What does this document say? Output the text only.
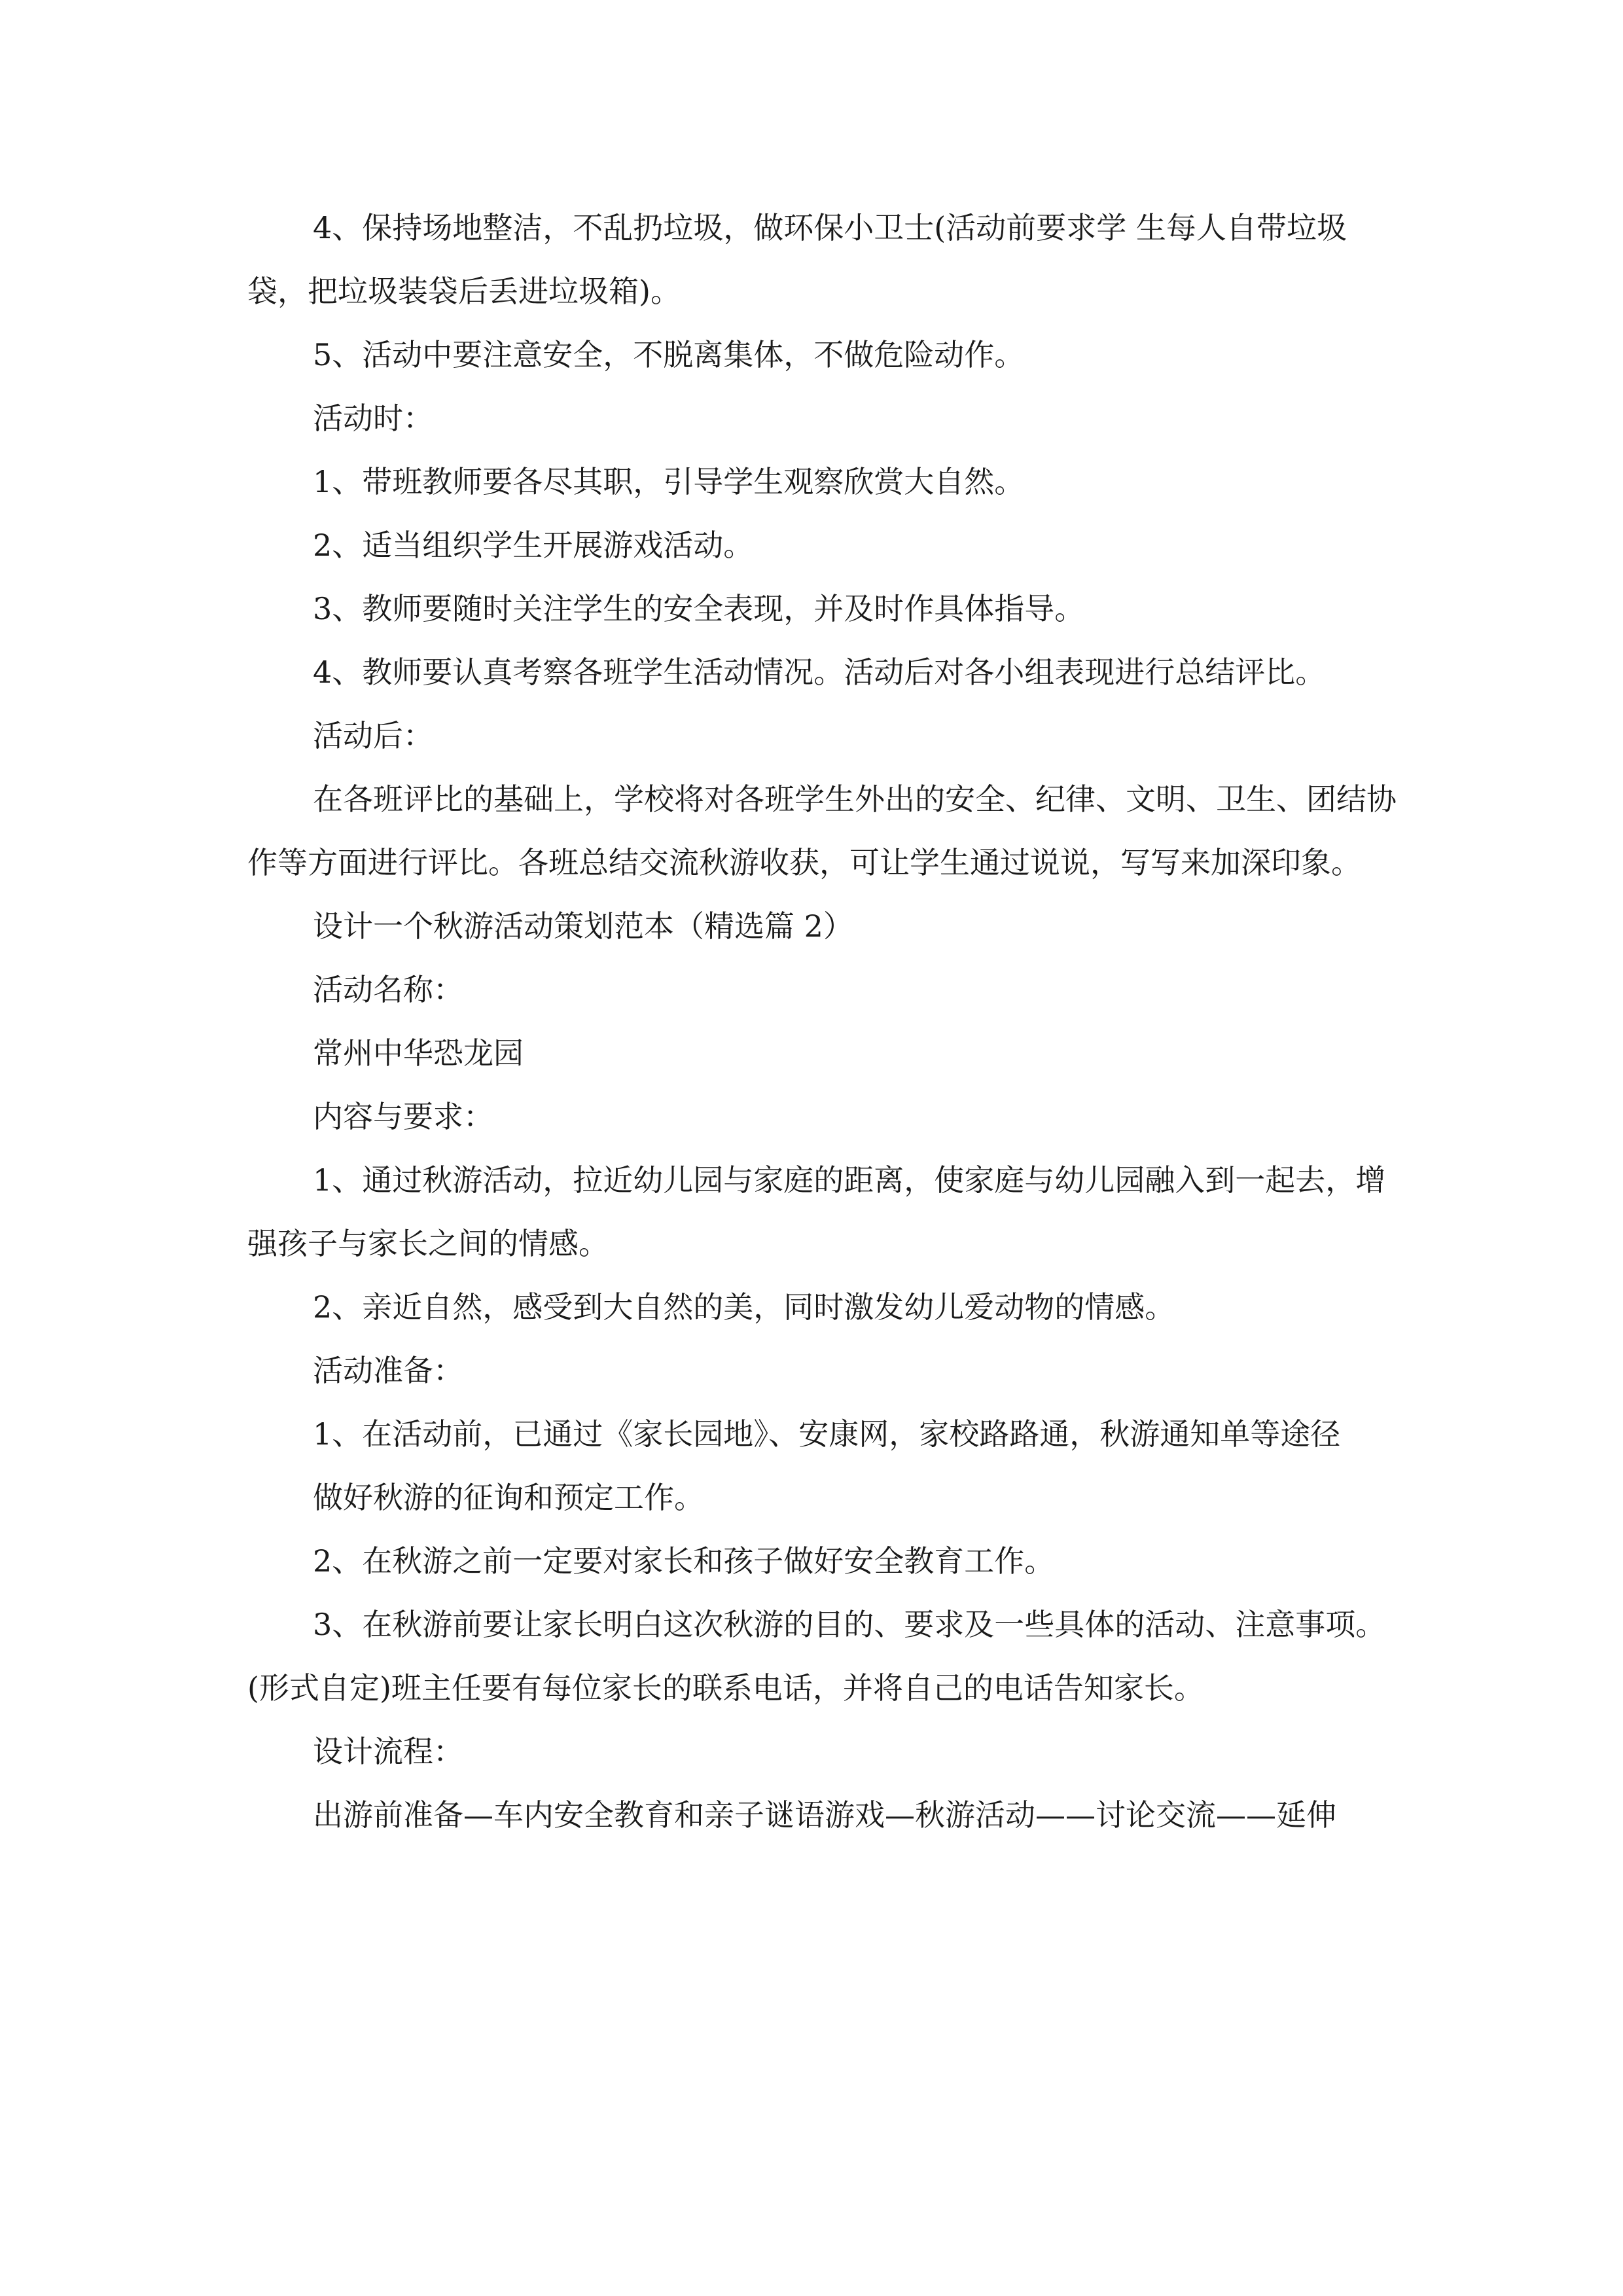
4、保持场地整洁，不乱扔垃圾，做环保小卫士(活动前要求学 生每人自带垃圾袋，把垃圾装袋后丢进垃圾箱)。

5、活动中要注意安全，不脱离集体，不做危险动作。

活动时：

1、带班教师要各尽其职，引导学生观察欣赏大自然。

2、适当组织学生开展游戏活动。

3、教师要随时关注学生的安全表现，并及时作具体指导。

4、教师要认真考察各班学生活动情况。活动后对各小组表现进行总结评比。

活动后：

在各班评比的基础上，学校将对各班学生外出的安全、纪律、文明、卫生、团结协作等方面进行评比。各班总结交流秋游收获，可让学生通过说说，写写来加深印象。

设计一个秋游活动策划范本（精选篇 2）

活动名称：

常州中华恐龙园

内容与要求：

1、通过秋游活动，拉近幼儿园与家庭的距离，使家庭与幼儿园融入到一起去，增强孩子与家长之间的情感。

2、亲近自然，感受到大自然的美，同时激发幼儿爱动物的情感。

活动准备：

1、在活动前，已通过《家长园地》、安康网，家校路路通，秋游通知单等途径

做好秋游的征询和预定工作。

2、在秋游之前一定要对家长和孩子做好安全教育工作。

3、在秋游前要让家长明白这次秋游的目的、要求及一些具体的活动、注意事项。(形式自定)班主任要有每位家长的联系电话，并将自己的电话告知家长。

设计流程：

出游前准备—车内安全教育和亲子谜语游戏—秋游活动——讨论交流——延伸
